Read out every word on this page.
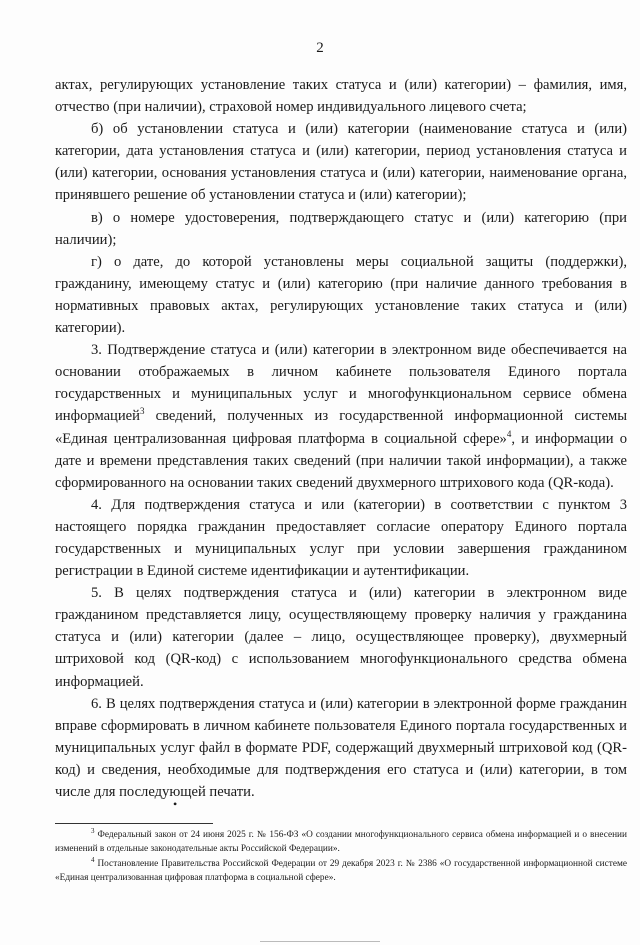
2

актах, регулирующих установление таких статуса и (или) категории) – фамилия, имя, отчество (при наличии), страховой номер индивидуального лицевого счета;

б) об установлении статуса и (или) категории (наименование статуса и (или) категории, дата установления статуса и (или) категории, период установления статуса и (или) категории, основания установления статуса и (или) категории, наименование органа, принявшего решение об установлении статуса и (или) категории);

в) о номере удостоверения, подтверждающего статус и (или) категорию (при наличии);

г) о дате, до которой установлены меры социальной защиты (поддержки), гражданину, имеющему статус и (или) категорию (при наличие данного требования в нормативных правовых актах, регулирующих установление таких статуса и (или) категории).

3. Подтверждение статуса и (или) категории в электронном виде обеспечивается на основании отображаемых в личном кабинете пользователя Единого портала государственных и муниципальных услуг и многофункциональном сервисе обмена информацией$^3$ сведений, полученных из государственной информационной системы «Единая централизованная цифровая платформа в социальной сфере»$^4$, и информации о дате и времени представления таких сведений (при наличии такой информации), а также сформированного на основании таких сведений двухмерного штрихового кода (QR-кода).

4. Для подтверждения статуса и или (категории) в соответствии с пунктом 3 настоящего порядка гражданин предоставляет согласие оператору Единого портала государственных и муниципальных услуг при условии завершения гражданином регистрации в Единой системе идентификации и аутентификации.

5. В целях подтверждения статуса и (или) категории в электронном виде гражданином представляется лицу, осуществляющему проверку наличия у гражданина статуса и (или) категории (далее – лицо, осуществляющее проверку), двухмерный штриховой код (QR-код) с использованием многофункционального средства обмена информацией.

6. В целях подтверждения статуса и (или) категории в электронной форме гражданин вправе сформировать в личном кабинете пользователя Единого портала государственных и муниципальных услуг файл в формате PDF, содержащий двухмерный штриховой код (QR-код) и сведения, необходимые для подтверждения его статуса и (или) категории, в том числе для последующей печати.

•

$^3$ Федеральный закон от 24 июня 2025 г. № 156-ФЗ «О создании многофункционального сервиса обмена информацией и о внесении изменений в отдельные законодательные акты Российской Федерации».

$^4$ Постановление Правительства Российской Федерации от 29 декабря 2023 г. № 2386 «О государственной информационной системе «Единая централизованная цифровая платформа в социальной сфере».
